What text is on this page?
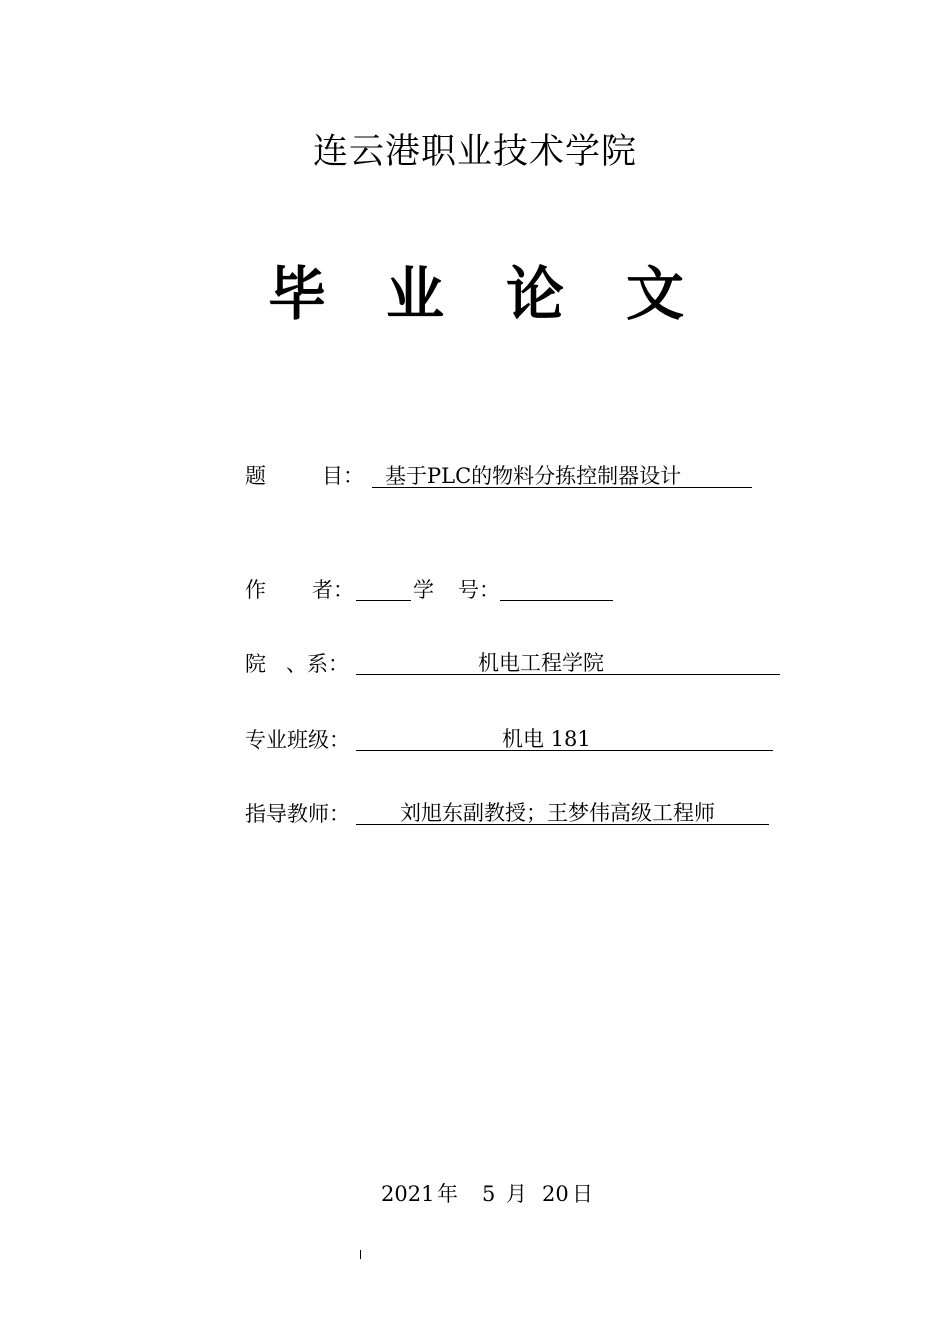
连云港职业技术学院
毕 业 论 文
题	目： 基于PLC的物料分拣控制器设计
作 者：	学 号：
院 、系：	机电工程学院
专业班级：	机电 181
指导教师： 刘旭东副教授；王梦伟高级工程师
2021 年 5 月 20 日
